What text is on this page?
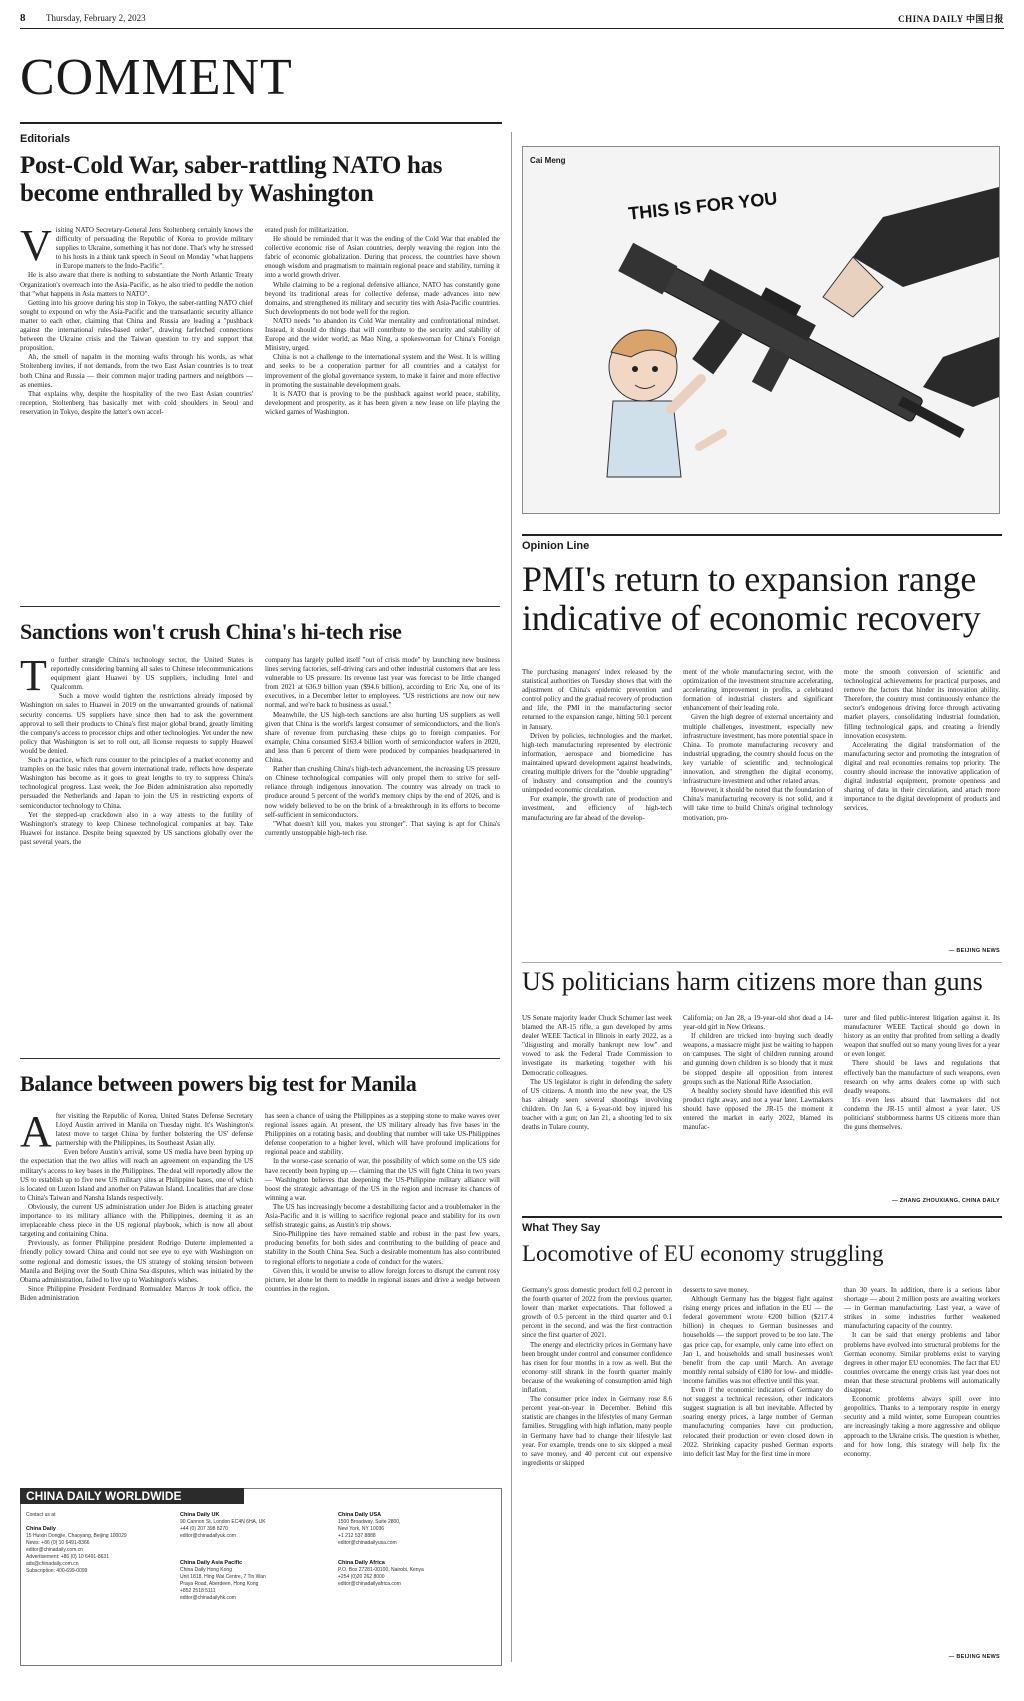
8 Thursday, February 2, 2023	CHINA DAILY 中国日报
COMMENT
Editorials
Post-Cold War, saber-rattling NATO has become enthralled by Washington
V isiting NATO Secretary-General Jens Stoltenberg certainly knows the difficulty of persuading the Republic of Korea to provide military supplies to Ukraine, something it has not done. That's why he stressed to his hosts in a think tank speech in Seoul on Monday "what happens in Europe matters to the Indo-Pacific".

He is also aware that there is nothing to substantiate the North Atlantic Treaty Organization's overreach into the Asia-Pacific, as he also tried to peddle the notion that "what happens in Asia matters to NATO".

Getting into his groove during his stop in Tokyo, the saber-rattling NATO chief sought to expound on why the Asia-Pacific and the transatlantic security alliance matter to each other, claiming that China and Russia are leading a "pushback against the international rules-based order", drawing farfetched connections between the Ukraine crisis and the Taiwan question to try and support that proposition.

Ah, the smell of napalm in the morning wafts through his words, as what Stoltenberg invites, if not demands, from the two East Asian countries is to treat both China and Russia — their common major trading partners and neighbors — as enemies.

That explains why, despite the hospitality of the two East Asian countries' reception, Stoltenberg has basically met with cold shoulders in Seoul and reservation in Tokyo, despite the latter's own accel-

erated push for militarization.

He should be reminded that it was the ending of the Cold War that enabled the collective economic rise of Asian countries, deeply weaving the region into the fabric of economic globalization. During that process, the countries have shown enough wisdom and pragmatism to maintain regional peace and stability, turning it into a world growth driver.

While claiming to be a regional defensive alliance, NATO has constantly gone beyond its traditional areas for collective defense, made advances into new domains, and strengthened its military and security ties with Asia-Pacific countries. Such developments do not bode well for the region.

NATO needs "to abandon its Cold War mentality and confrontational mindset. Instead, it should do things that will contribute to the security and stability of Europe and the wider world, as Mao Ning, a spokeswoman for China's Foreign Ministry, urged.

China is not a challenge to the international system and the West. It is willing and seeks to be a cooperation partner for all countries and a catalyst for improvement of the global governance system, to make it fairer and more effective in promoting the sustainable development goals.

It is NATO that is proving to be the pushback against world peace, stability, development and prosperity, as it has been given a new lease on life playing the wicked games of Washington.

Sanctions won't crush China's hi-tech rise
T o further strangle China's technology sector, the United States is reportedly considering banning all sales to Chinese telecommunications equipment giant Huawei by US suppliers, including Intel and Qualcomm.

Such a move would tighten the restrictions already imposed by Washington on sales to Huawei in 2019 on the unwarranted grounds of national security concerns. US suppliers have since then had to ask the government approval to sell their products to China's first major global brand, greatly limiting the company's access to processor chips and other technologies. Yet under the new policy that Washington is set to roll out, all license requests to supply Huawei would be denied.

Such a practice, which runs counter to the principles of a market economy and tramples on the basic rules that govern international trade, reflects how desperate Washington has become as it goes to great lengths to try to suppress China's technological progress. Last week, the Joe Biden administration also reportedly persuaded the Netherlands and Japan to join the US in restricting exports of semiconductor technology to China.

Yet the stepped-up crackdown also in a way attests to the futility of Washington's strategy to keep Chinese technological companies at bay. Take Huawei for instance. Despite being squeezed by US sanctions globally over the past several years, the

company has largely pulled itself "out of crisis mode" by launching new business lines serving factories, self-driving cars and other industrial customers that are less vulnerable to US pressure. Its revenue last year was forecast to be little changed from 2021 at 636.9 billion yuan ($94.6 billion), according to Eric Xu, one of its executives, in a December letter to employees. "US restrictions are now our new normal, and we're back to business as usual."

Meanwhile, the US high-tech sanctions are also hurting US suppliers as well given that China is the world's largest consumer of semiconductors, and the lion's share of revenue from purchasing these chips go to foreign companies. For example, China consumed $163.4 billion worth of semiconductor wafers in 2020, and less than 6 percent of them were produced by companies headquartered in China.

Rather than crushing China's high-tech advancement, the increasing US pressure on Chinese technological companies will only propel them to strive for self-reliance through indigenous innovation. The country was already on track to produce around 5 percent of the world's memory chips by the end of 2026, and is now widely believed to be on the brink of a breakthrough in its efforts to become self-sufficient in semiconductors.

"What doesn't kill you, makes you stronger". That saying is apt for China's currently unstoppable high-tech rise.

Balance between powers big test for Manila
A fter visiting the Republic of Korea, United States Defense Secretary Lloyd Austin arrived in Manila on Tuesday night. It's Washington's latest move to target China by further bolstering the US' defense partnership with the Philippines, its Southeast Asian ally.

Even before Austin's arrival, some US media have been hyping up the expectation that the two allies will reach an agreement on expanding the US military's access to key bases in the Philippines. The deal will reportedly allow the US to establish up to five new US military sites at Philippine bases, one of which is located on Luzon Island and another on Palawan Island. Localities that are close to China's Taiwan and Nansha Islands respectively.

Obviously, the current US administration under Joe Biden is attaching greater importance to its military alliance with the Philippines, deeming it as an irreplaceable chess piece in the US regional playbook, which is now all about targeting and containing China.

Previously, as former Philippine president Rodrigo Duterte implemented a friendly policy toward China and could not see eye to eye with Washington on some regional and domestic issues, the US strategy of stoking tension between Manila and Beijing over the South China Sea disputes, which was initiated by the Obama administration, failed to live up to Washington's wishes.

Since Philippine President Ferdinand Romualdez Marcos Jr took office, the Biden administration

has seen a chance of using the Philippines as a stepping stone to make waves over regional issues again. At present, the US military already has five bases in the Philippines on a rotating basis, and doubling that number will take US-Philippines defense cooperation to a higher level, which will have profound implications for regional peace and stability.

In the worse-case scenario of war, the possibility of which some on the US side have recently been hyping up — claiming that the US will fight China in two years — Washington believes that deepening the US-Philippine military alliance will boost the strategic advantage of the US in the region and increase its chances of winning a war.

The US has increasingly become a destabilizing factor and a troublemaker in the Asia-Pacific and it is willing to sacrifice regional peace and stability for its own selfish strategic gains, as Austin's trip shows.

Sino-Philippine ties have remained stable and robust in the past few years, producing benefits for both sides and contributing to the building of peace and stability in the South China Sea. Such a desirable momentum has also contributed to regional efforts to negotiate a code of conduct for the waters.

Given this, it would be unwise to allow foreign forces to disrupt the current rosy picture, let alone let them to meddle in regional issues and drive a wedge between countries in the region.

CHINA DAILY WORLDWIDE
Contact us at
China Daily
15 Huixin Dongjie, Chaoyang, Beijing 100029
News: +86 (0) 10 6491-8366
editor@chinadaily.com.cn
Advertisement: +86 (0) 10 6491-8631
ads@chinadaily.com.cn
Subscription: 400-699-0099
China Daily UK
90 Cannon St, London EC4N 6HA, UK
+44 (0) 207 398 8270
editor@chinadailyuk.com
China Daily Asia Pacific
China Daily Hong Kong
Unit 1818, Hing Wai Centre, 7 Tin Wan
Praya Road, Aberdeen, Hong Kong
+852 2518 5111
editor@chinadailyhk.com
China Daily USA
1500 Broadway, Suite 2800,
New York, NY 10036
+1 212 537 8888
editor@chinadailyusa.com
China Daily Africa
P.O. Box 27281-00100, Nairobi, Kenya
+254 (0)20 262 8000
editor@chinadailyafrica.com
Cai Meng
THIS IS FOR YOU
Opinion Line
PMI's return to expansion range indicative of economic recovery

The purchasing managers' index released by the statistical authorities on Tuesday shows that with the adjustment of China's epidemic prevention and control policy and the gradual recovery of production and life, the PMI in the manufacturing sector returned to the expansion range, hitting 50.1 percent in January.

Driven by policies, technologies and the market, high-tech manufacturing represented by electronic information, aerospace and biomedicine has maintained upward development against headwinds, creating multiple drivers for the "double upgrading" of industry and consumption and the country's unimpeded economic circulation.

For example, the growth rate of production and investment, and efficiency of high-tech manufacturing are far ahead of the develop-

ment of the whole manufacturing sector, with the optimization of the investment structure accelerating, accelerating improvement in profits, a celebrated formation of industrial clusters and significant enhancement of their leading role.

Given the high degree of external uncertainty and multiple challenges, investment, especially new infrastructure investment, has more potential space in China. To promote manufacturing recovery and industrial upgrading, the country should focus on the key variable of scientific and technological innovation, and strengthen the digital economy, infrastructure investment and other related areas.

However, it should be noted that the foundation of China's manufacturing recovery is not solid, and it will take time to build China's original technology motivation, pro-

mote the smooth conversion of scientific and technological achievements for practical purposes, and remove the factors that hinder its innovation ability. Therefore, the country must continuously enhance the sector's endogenous driving force through activating market players, consolidating industrial foundation, filling technological gaps, and creating a friendly innovation ecosystem.

Accelerating the digital transformation of the manufacturing sector and promoting the integration of digital and real economies remains top priority. The country should increase the innovative application of digital industrial equipment, promote openness and sharing of data in their circulation, and attach more importance to the digital development of products and services.

— BEIJING NEWS
US politicians harm citizens more than guns

US Senate majority leader Chuck Schumer last week blamed the AR-15 rifle, a gun developed by arms dealer WEEE Tactical in Illinois in early 2022, as a "disgusting and morally bankrupt new low" and vowed to ask the Federal Trade Commission to investigate its marketing together with his Democratic colleagues.

The US legislator is right in defending the safety of US citizens. A month into the new year, the US has already seen several shootings involving children. On Jan 6, a 6-year-old boy injured his teacher with a gun; on Jan 21, a shooting led to six deaths in Tulare county,

California; on Jan 28, a 19-year-old shot dead a 14-year-old girl in New Orleans.

If children are tricked into buying such deadly weapons, a massacre might just be waiting to happen on campuses. The sight of children running around and gunning down children is so bloody that it must be stopped despite all opposition from interest groups such as the National Rifle Association.

A healthy society should have identified this evil product right away, and not a year later. Lawmakers should have opposed the JR-15 the moment it entered the market in early 2022, blamed its manufac-

turer and filed public-interest litigation against it. Its manufacturer WEEE Tactical should go down in history as an entity that profited from selling a deadly weapon that snuffed out so many young lives for a year or even longer.

There should be laws and regulations that effectively ban the manufacture of such weapons, even research on why arms dealers come up with such deadly weapons.

It's even less absurd that lawmakers did not condemn the JR-15 until almost a year later. US politicians' stubbornness harms US citizens more than the guns themselves.

— ZHANG ZHOUXIANG, CHINA DAILY
What They Say
Locomotive of EU economy struggling

Germany's gross domestic product fell 0.2 percent in the fourth quarter of 2022 from the previous quarter, lower than market expectations. That followed a growth of 0.5 percent in the third quarter and 0.1 percent in the second, and was the first contraction since the first quarter of 2021.

The energy and electricity prices in Germany have been brought under control and consumer confidence has risen for four months in a row as well. But the economy still shrank in the fourth quarter mainly because of the weakening of consumption amid high inflation.

The consumer price index in Germany rose 8.6 percent year-on-year in December. Behind this statistic are changes in the lifestyles of many German families. Struggling with high inflation, many people in Germany have had to change their lifestyle last year. For example, trends one to six skipped a meal to save money, and 40 percent cut out expensive ingredients or skipped

desserts to save money.

Although Germany has the biggest fight against rising energy prices and inflation in the EU — the federal government wrote €200 billion ($217.4 billion) in cheques to German businesses and households — the support proved to be too late. The gas price cap, for example, only came into effect on Jan 1, and households and small businesses won't benefit from the cap until March. An average monthly rental subsidy of €180 for low- and middle-income families was not effective until this year.

Even if the economic indicators of Germany do not suggest a technical recession, other indicators suggest stagnation is all but inevitable. Affected by soaring energy prices, a large number of German manufacturing companies have cut production, relocated their production or even closed down in 2022. Shrinking capacity pushed German exports into deficit last May for the first time in more

than 30 years. In addition, there is a serious labor shortage — about 2 million posts are awaiting workers — in German manufacturing. Last year, a wave of strikes in some industries further weakened manufacturing capacity of the country.

It can be said that energy problems and labor problems have evolved into structural problems for the German economy. Similar problems exist to varying degrees in other major EU economies. The fact that EU countries overcame the energy crisis last year does not mean that these structural problems will automatically disappear.

Economic problems always spill over into geopolitics. Thanks to a temporary respite in energy security and a mild winter, some European countries are increasingly taking a more aggressive and oblique approach to the Ukraine crisis. The question is whether, and for how long, this strategy will help fix the economy.

— BEIJING NEWS
